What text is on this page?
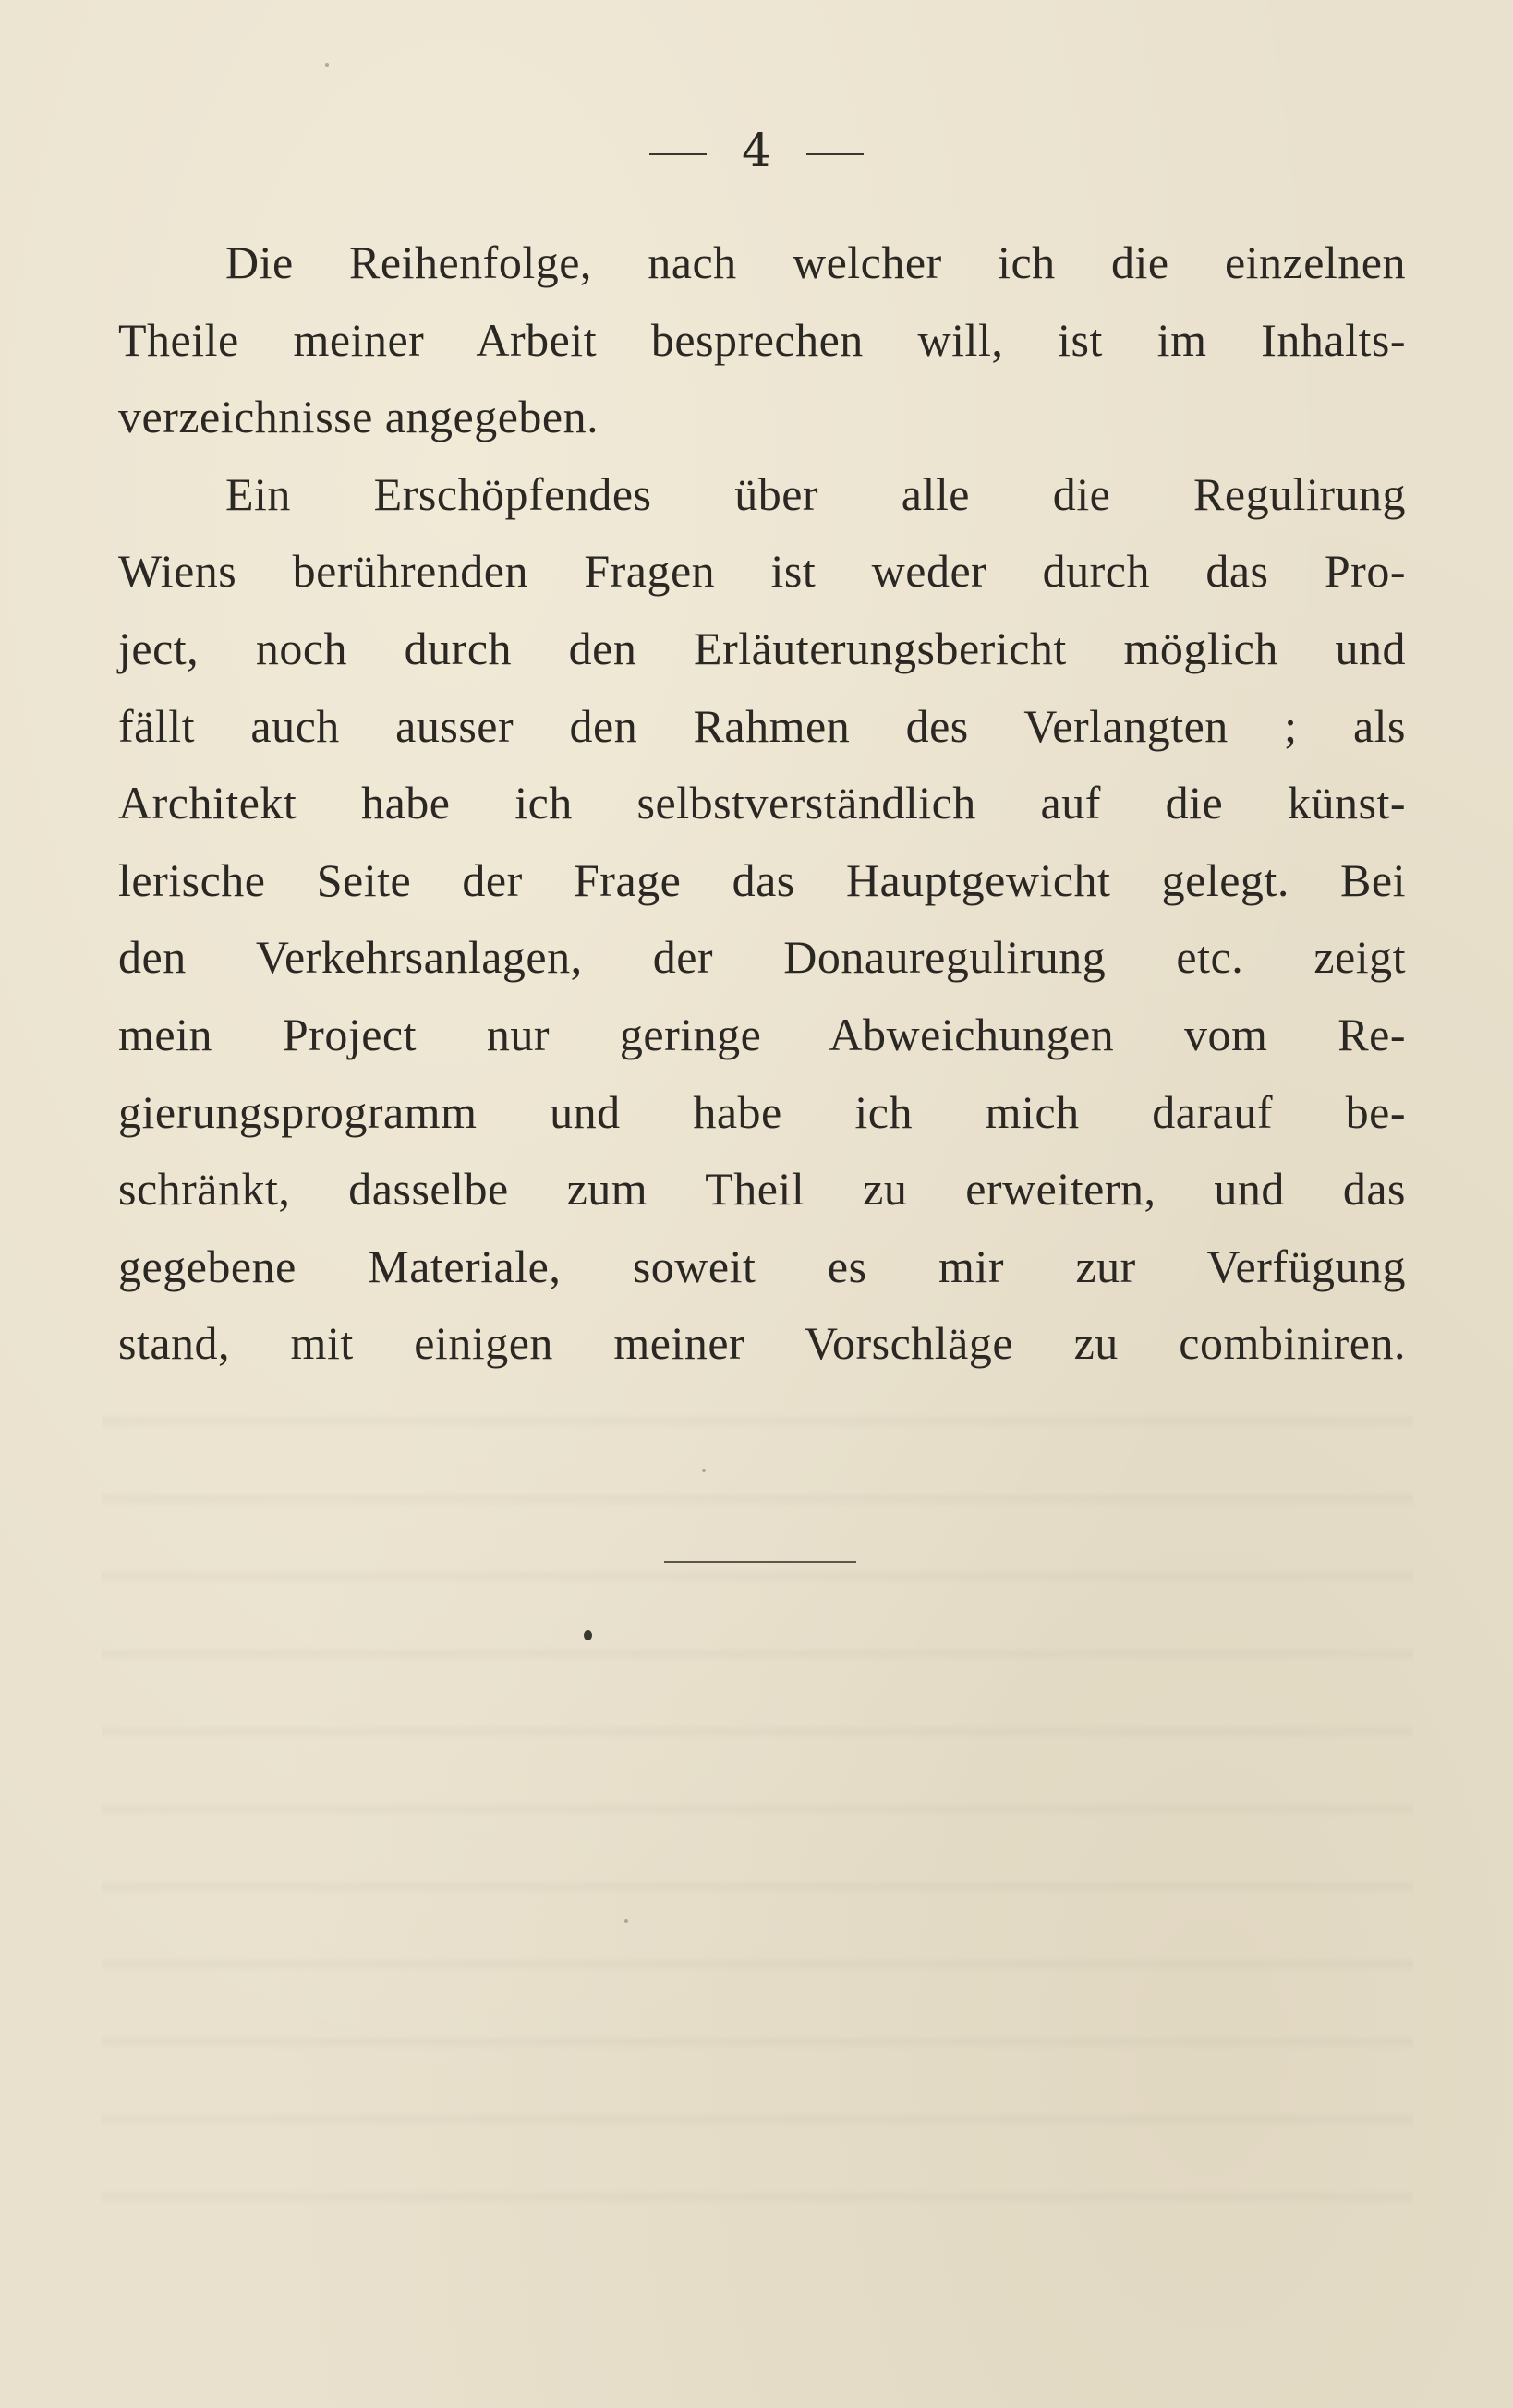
4
Die Reihenfolge, nach welcher ich die einzelnen
Theile meiner Arbeit besprechen will, ist im Inhalts-
verzeichnisse angegeben.
Ein Erschöpfendes über alle die Regulirung
Wiens berührenden Fragen ist weder durch das Pro-
ject, noch durch den Erläuterungsbericht möglich und
fällt auch ausser den Rahmen des Verlangten ; als
Architekt habe ich selbstverständlich auf die künst-
lerische Seite der Frage das Hauptgewicht gelegt. Bei
den Verkehrsanlagen, der Donauregulirung etc. zeigt
mein Project nur geringe Abweichungen vom Re-
gierungsprogramm und habe ich mich darauf be-
schränkt, dasselbe zum Theil zu erweitern, und das
gegebene Materiale, soweit es mir zur Verfügung
stand, mit einigen meiner Vorschläge zu combiniren.
